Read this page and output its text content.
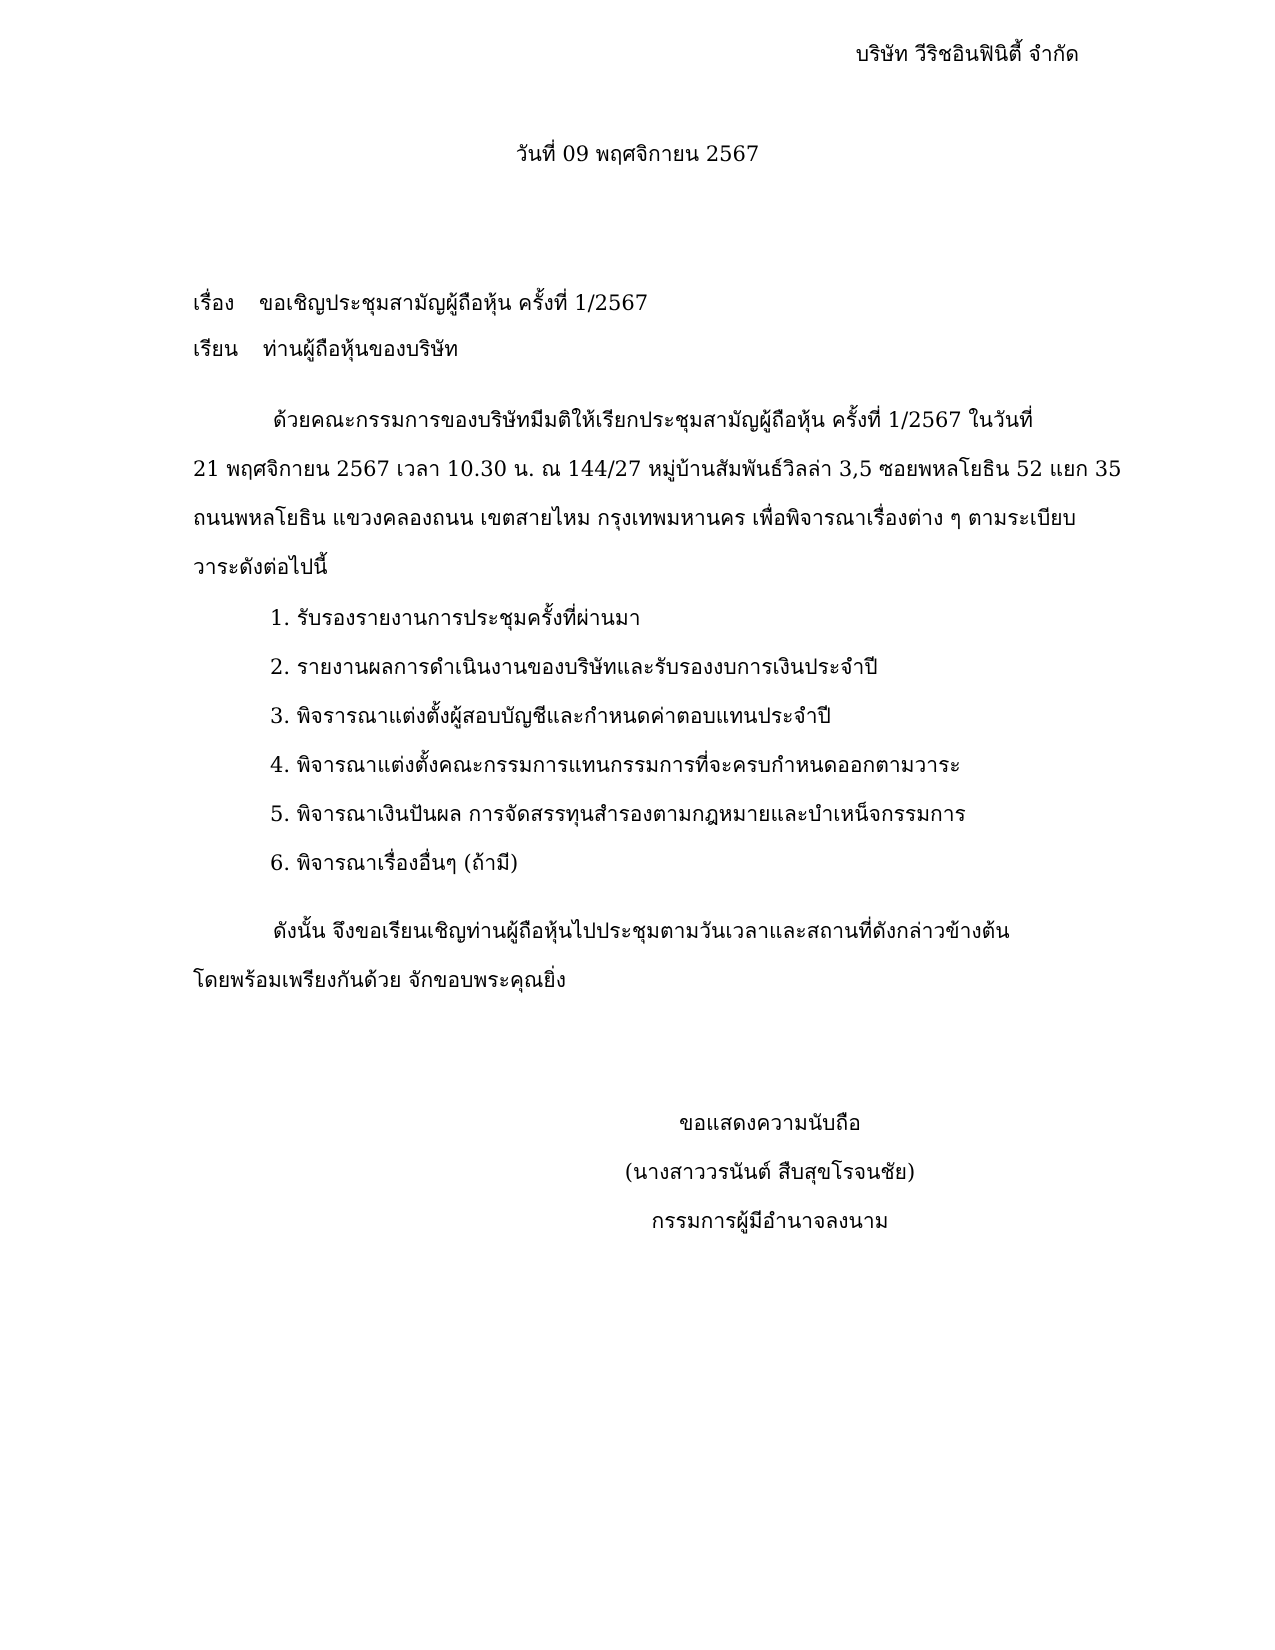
บริษัท วีริชอินฟินิตี้ จำกัด
วันที่ 09 พฤศจิกายน 2567
เรื่อง ขอเชิญประชุมสามัญผู้ถือหุ้น ครั้งที่ 1/2567
เรียน ท่านผู้ถือหุ้นของบริษัท
ด้วยคณะกรรมการของบริษัทมีมติให้เรียกประชุมสามัญผู้ถือหุ้น ครั้งที่ 1/2567 ในวันที่
21 พฤศจิกายน 2567 เวลา 10.30 น. ณ 144/27 หมู่บ้านสัมพันธ์วิลล่า 3,5 ซอยพหลโยธิน 52 แยก 35
ถนนพหลโยธิน แขวงคลองถนน เขตสายไหม กรุงเทพมหานคร เพื่อพิจารณาเรื่องต่าง ๆ ตามระเบียบ
วาระดังต่อไปนี้
1. รับรองรายงานการประชุมครั้งที่ผ่านมา
2. รายงานผลการดำเนินงานของบริษัทและรับรองงบการเงินประจำปี
3. พิจรารณาแต่งตั้งผู้สอบบัญชีและกำหนดค่าตอบแทนประจำปี
4. พิจารณาแต่งตั้งคณะกรรมการแทนกรรมการที่จะครบกำหนดออกตามวาระ
5. พิจารณาเงินปันผล การจัดสรรทุนสำรองตามกฎหมายและบำเหน็จกรรมการ
6. พิจารณาเรื่องอื่นๆ (ถ้ามี)
ดังนั้น จึงขอเรียนเชิญท่านผู้ถือหุ้นไปประชุมตามวันเวลาและสถานที่ดังกล่าวข้างต้น
โดยพร้อมเพรียงกันด้วย จักขอบพระคุณยิ่ง
ขอแสดงความนับถือ
(นางสาววรนันต์ สืบสุขโรจนชัย)
กรรมการผู้มีอำนาจลงนาม
